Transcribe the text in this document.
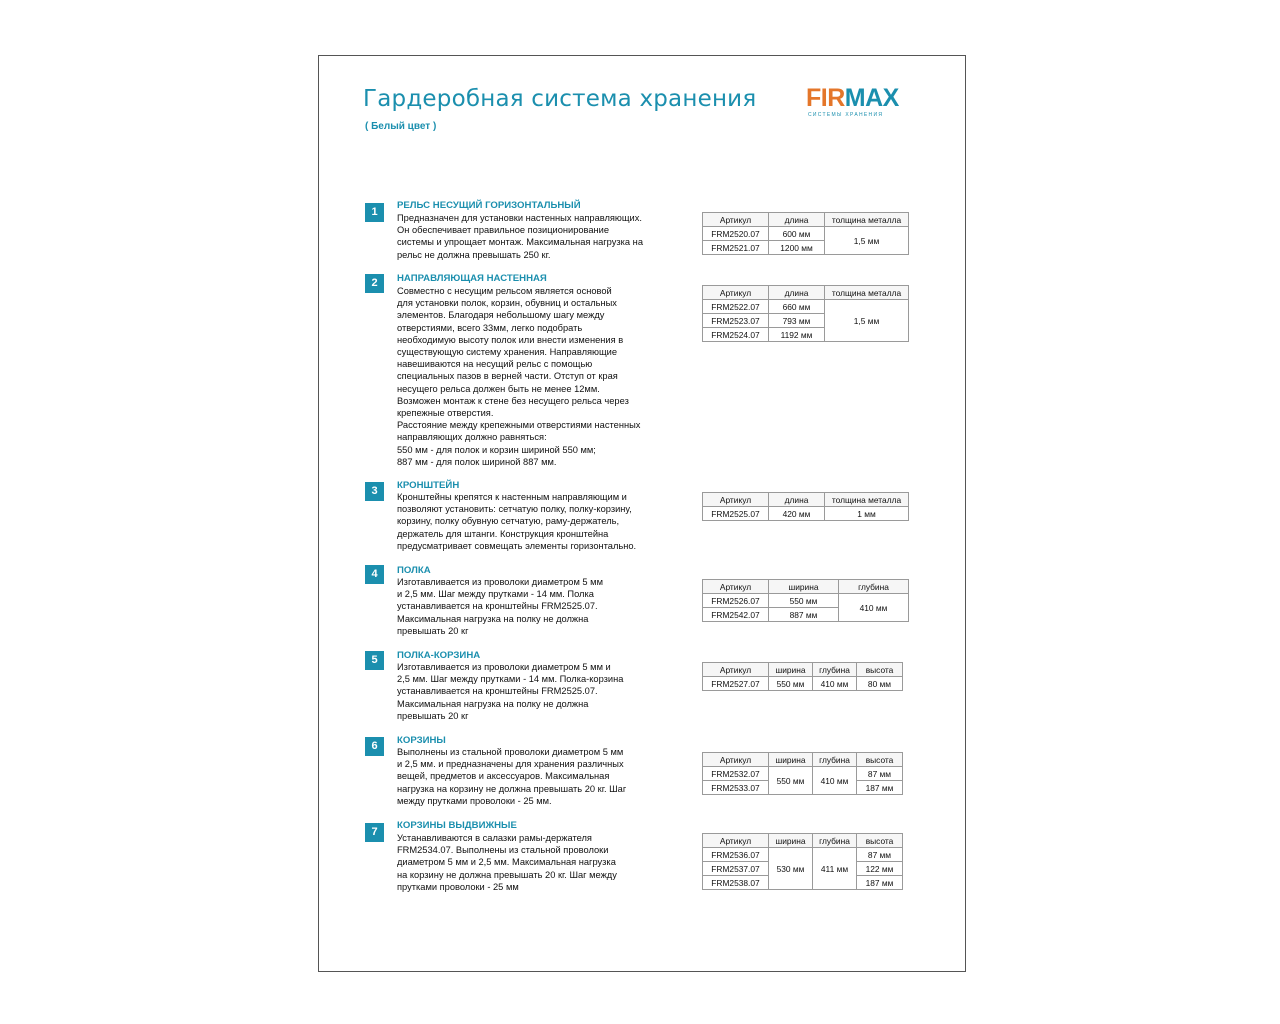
Гардеробная система хранения
( Белый цвет )
FIRMAX
СИСТЕМЫ ХРАНЕНИЯ
1
РЕЛЬС НЕСУЩИЙ ГОРИЗОНТАЛЬНЫЙ
Предназначен для установки настенных направляющих.
Он обеспечивает правильное позиционирование
системы и упрощает монтаж. Максимальная нагрузка на
рельс не должна превышать 250 кг.
Артикул	длина	толщина металла
FRM2520.07	600 мм	1,5 мм
FRM2521.07	1200 мм	
2	НАПРАВЛЯЮЩАЯ НАСТЕННАЯ
Совместно с несущим рельсом является основой
для установки полок, корзин, обувниц и остальных
элементов. Благодаря небольшому шагу между
отверстиями, всего 33мм, легко подобрать
необходимую высоту полок или внести изменения в
существующую систему хранения. Направляющие
навешиваются на несущий рельс с помощью
специальных пазов в верней части. Отступ от края
несущего рельса должен быть не менее 12мм.
Возможен монтаж к стене без несущего рельса через
крепежные отверстия.
Расстояние между крепежными отверстиями настенных
направляющих должно равняться:
550 мм - для полок и корзин шириной 550 мм;
887 мм - для полок шириной 887 мм.
Артикул	длина	толщина металла
FRM2522.07	660 мм	1,5 мм
FRM2523.07	793 мм	
FRM2524.07	1192 мм	
3	КРОНШТЕЙН
Кронштейны крепятся к настенным направляющим и
позволяют установить: сетчатую полку, полку-корзину,
корзину, полку обувную сетчатую, раму-держатель,
держатель для штанги. Конструкция кронштейна
предусматривает совмещать элементы горизонтально.
Артикул	длина	толщина металла
FRM2525.07	420 мм	1 мм
4	ПОЛКА
Изготавливается из проволоки диаметром 5 мм
и 2,5 мм. Шаг между прутками - 14 мм. Полка
устанавливается на кронштейны FRM2525.07.
Максимальная нагрузка на полку не должна
превышать 20 кг
Артикул	ширина	глубина
FRM2526.07	550 мм	410 мм
FRM2542.07	887 мм	
5	ПОЛКА-КОРЗИНА
Изготавливается из проволоки диаметром 5 мм и
2,5 мм. Шаг между прутками - 14 мм. Полка-корзина
устанавливается на кронштейны FRM2525.07.
Максимальная нагрузка на полку не должна
превышать 20 кг
Артикул	ширина	глубина	высота
FRM2527.07	550 мм	410 мм	80 мм
6	КОРЗИНЫ
Выполнены из стальной проволоки диаметром 5 мм
и 2,5 мм. и предназначены для хранения различных
вещей, предметов и аксессуаров. Максимальная
нагрузка на корзину не должна превышать 20 кг. Шаг
между прутками проволоки - 25 мм.
Артикул	ширина	глубина	высота
FRM2532.07	550 мм	410 мм	87 мм
FRM2533.07			187 мм
7
КОРЗИНЫ ВЫДВИЖНЫЕ
Устанавливаются в салазки рамы-держателя
FRM2534.07. Выполнены из стальной проволоки
диаметром 5 мм и 2,5 мм. Максимальная нагрузка
на корзину не должна превышать 20 кг. Шаг между
прутками проволоки - 25 мм
Артикул	ширина	глубина	высота
FRM2536.07	530 мм	411 мм	87 мм
FRM2537.07			122 мм
FRM2538.07			187 мм
